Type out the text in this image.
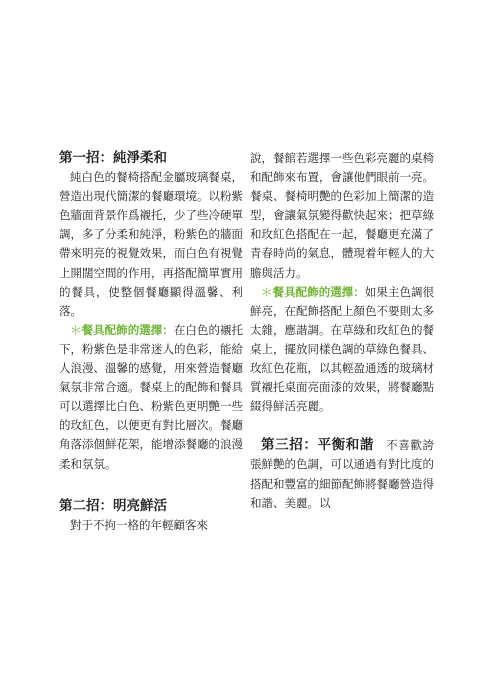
第一招：純淨柔和

純白色的餐椅搭配金屬玻璃餐桌，營造出現代簡潔的餐廳環境。以粉紫色牆面背景作爲襯托，少了些冷硬單調，多了分柔和純淨，粉紫色的牆面帶來明亮的視覺效果，而白色有視覺上開闊空間的作用，再搭配簡單實用的餐具，使整個餐廳顯得溫馨、利落。

＊餐具配飾的選擇：在白色的襯托下，粉紫色是非常迷人的色彩，能給人浪漫、溫馨的感覺，用來營造餐廳氣氛非常合適。餐桌上的配飾和餐具可以選擇比白色、粉紫色更明艷一些的玫紅色，以便更有對比層次。餐廳角落添個鮮花架，能增添餐廳的浪漫柔和氛氛。

第二招：明亮鮮活

對于不拘一格的年輕顧客來

說，餐館若選擇一些色彩亮麗的桌椅和配飾來布置，會讓他們眼前一亮。餐桌、餐椅明艷的色彩加上簡潔的造型，會讓氣氛變得歡快起來；把草綠和玫紅色搭配在一起，餐廳更充滿了青春時尚的氣息，體現着年輕人的大膽與活力。

＊餐具配飾的選擇：如果主色調很鮮亮，在配飾搭配上顏色不要則太多太雜，應諧調。在草綠和玫紅色的餐桌上，擺放同樣色調的草綠色餐具、玫紅色花瓶，以其輕盈通透的玻璃材質襯托桌面亮面漆的效果，將餐廳點綴得鮮活亮麗。

第三招：平衡和諧　 不喜歡誇張鮮艷的色調，可以通過有對比度的搭配和豐富的細節配飾將餐廳營造得和諧、美麗。以
